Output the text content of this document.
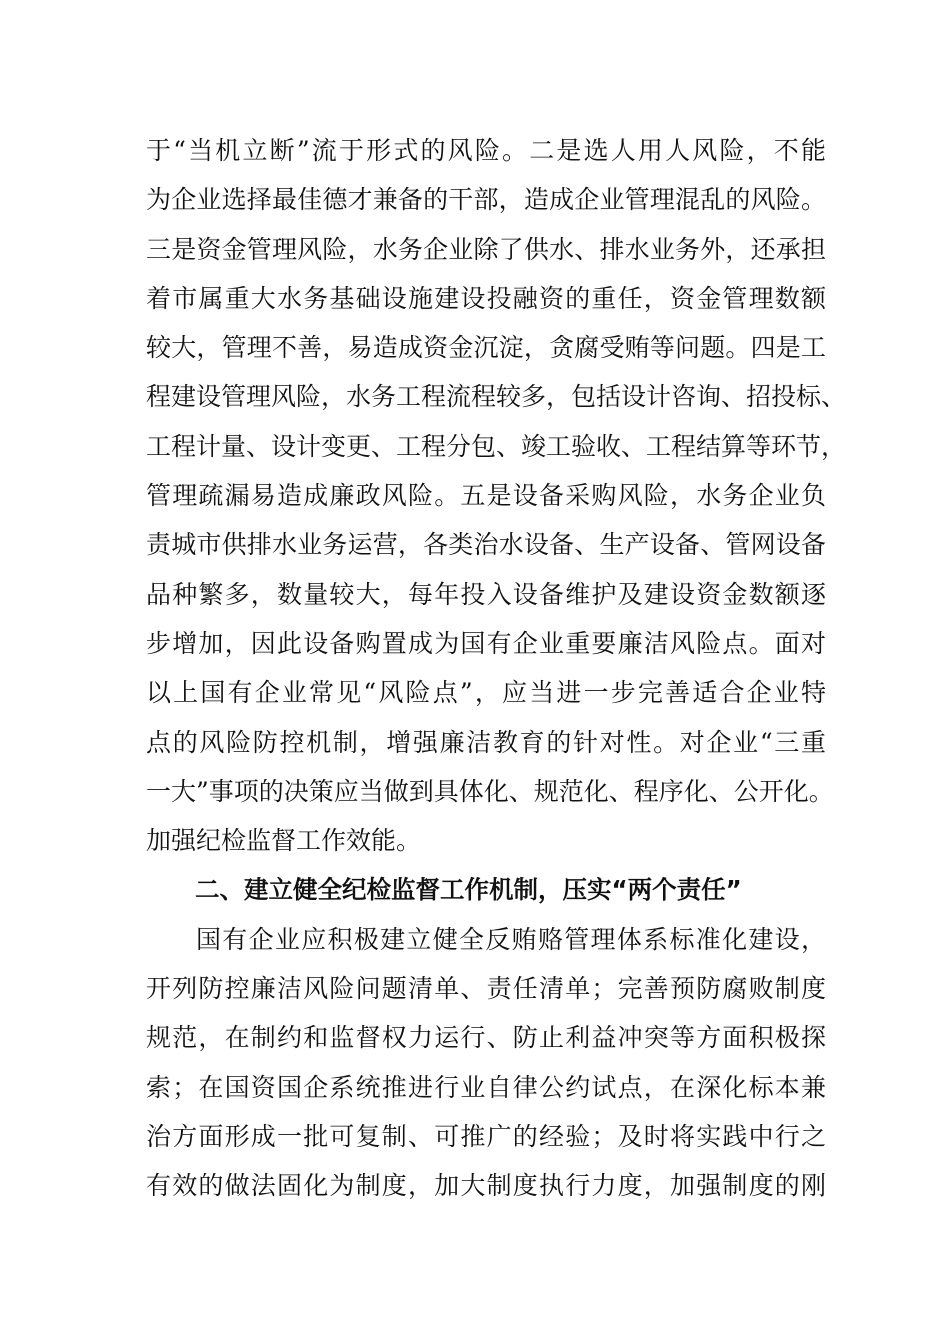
于“当机立断”流于形式的风险。二是选人用人风险，不能
为企业选择最佳德才兼备的干部，造成企业管理混乱的风险。
三是资金管理风险，水务企业除了供水、排水业务外，还承担
着市属重大水务基础设施建设投融资的重任，资金管理数额
较大，管理不善，易造成资金沉淀，贪腐受贿等问题。四是工
程建设管理风险，水务工程流程较多，包括设计咨询、招投标、
工程计量、设计变更、工程分包、竣工验收、工程结算等环节，
管理疏漏易造成廉政风险。五是设备采购风险，水务企业负
责城市供排水业务运营，各类治水设备、生产设备、管网设备
品种繁多，数量较大，每年投入设备维护及建设资金数额逐
步增加，因此设备购置成为国有企业重要廉洁风险点。面对
以上国有企业常见“风险点”，应当进一步完善适合企业特
点的风险防控机制，增强廉洁教育的针对性。对企业“三重
一大”事项的决策应当做到具体化、规范化、程序化、公开化。
加强纪检监督工作效能。
二、建立健全纪检监督工作机制，压实“两个责任”
国有企业应积极建立健全反贿赂管理体系标准化建设，
开列防控廉洁风险问题清单、责任清单；完善预防腐败制度
规范，在制约和监督权力运行、防止利益冲突等方面积极探
索；在国资国企系统推进行业自律公约试点，在深化标本兼
治方面形成一批可复制、可推广的经验；及时将实践中行之
有效的做法固化为制度，加大制度执行力度，加强制度的刚
